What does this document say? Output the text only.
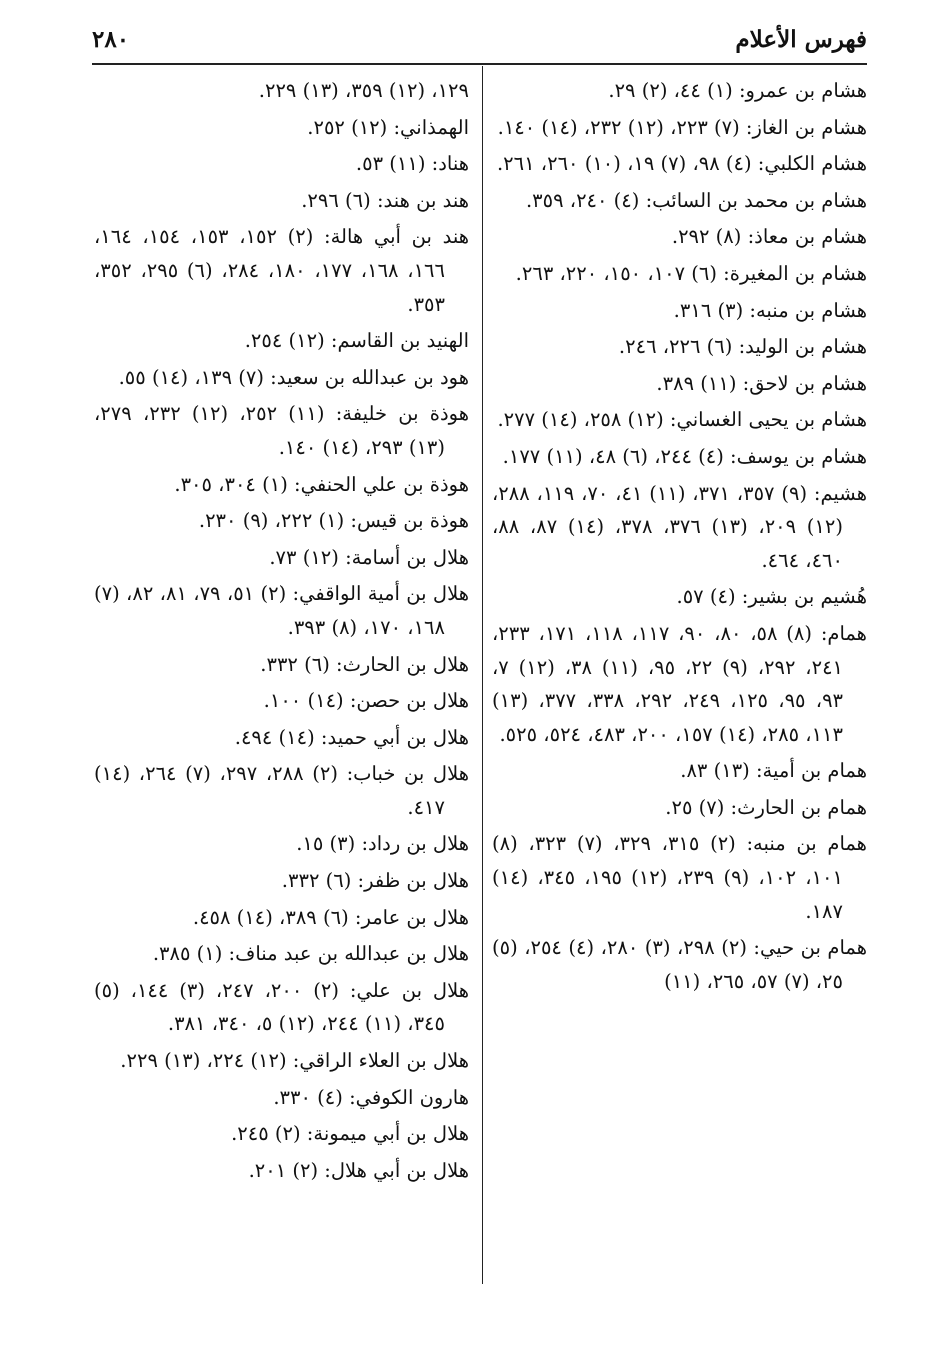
فهرس الأعلام
٢٨٠
هشام بن عمرو: (١) ٤٤، (٢) ٢٩.
هشام بن الغاز: (٧) ٢٢٣، (١٢) ٢٣٢، (١٤) ١٤٠.
هشام الكلبي: (٤) ٩٨، (٧) ١٩، (١٠) ٢٦٠، ٢٦١.
هشام بن محمد بن السائب: (٤) ٢٤٠، ٣٥٩.
هشام بن معاذ: (٨) ٢٩٢.
هشام بن المغيرة: (٦) ١٠٧، ١٥٠، ٢٢٠، ٢٦٣.
هشام بن منبه: (٣) ٣١٦.
هشام بن الوليد: (٦) ٢٢٦، ٢٤٦.
هشام بن لاحق: (١١) ٣٨٩.
هشام بن يحيى الغساني: (١٢) ٢٥٨، (١٤) ٢٧٧.
هشام بن يوسف: (٤) ٢٤٤، (٦) ٤٨، (١١) ١٧٧.
هشيم: (٩) ٣٥٧، ٣٧١، (١١) ٤١، ٧٠، ١١٩، ٢٨٨، (١٢) ٢٠٩، (١٣) ٣٧٦، ٣٧٨، (١٤) ٨٧، ٨٨، ٤٦٠، ٤٦٤.
هُشيم بن بشير: (٤) ٥٧.
همام: (٨) ٥٨، ٨٠، ٩٠، ١١٧، ١١٨، ١٧١، ٢٣٣، ٢٤١، ٢٩٢، (٩) ٢٢، ٩٥، (١١) ٣٨، (١٢) ٧، ٩٣، ٩٥، ١٢٥، ٢٤٩، ٢٩٢، ٣٣٨، ٣٧٧، (١٣) ١١٣، ٢٨٥، (١٤) ١٥٧، ٢٠٠، ٤٨٣، ٥٢٤، ٥٢٥.
همام بن أمية: (١٣) ٨٣.
همام بن الحارث: (٧) ٢٥.
همام بن منبه: (٢) ٣١٥، ٣٢٩، (٧) ٣٢٣، (٨) ١٠١، ١٠٢، (٩) ٢٣٩، (١٢) ١٩٥، ٣٤٥، (١٤) ١٨٧.
همام بن حيي: (٢) ٢٩٨، (٣) ٢٨٠، (٤) ٢٥٤، (٥) ٢٥، (٧) ٥٧، ٢٦٥، (١١)
١٢٩، (١٢) ٣٥٩، (١٣) ٢٢٩.
الهمذاني: (١٢) ٢٥٢.
هناد: (١١) ٥٣.
هند بن هند: (٦) ٢٩٦.
هند بن أبي هالة: (٢) ١٥٢، ١٥٣، ١٥٤، ١٦٤، ١٦٦، ١٦٨، ١٧٧، ١٨٠، ٢٨٤، (٦) ٢٩٥، ٣٥٢، ٣٥٣.
الهنيد بن القاسم: (١٢) ٢٥٤.
هود بن عبدالله بن سعيد: (٧) ١٣٩، (١٤) ٥٥.
هوذة بن خليفة: (١١) ٢٥٢، (١٢) ٢٣٢، ٢٧٩، (١٣) ٢٩٣، (١٤) ١٤٠.
هوذة بن علي الحنفي: (١) ٣٠٤، ٣٠٥.
هوذة بن قيس: (١) ٢٢٢، (٩) ٢٣٠.
هلال بن أسامة: (١٢) ٧٣.
هلال بن أمية الواقفي: (٢) ٥١، ٧٩، ٨١، ٨٢، (٧) ١٦٨، ١٧٠، (٨) ٣٩٣.
هلال بن الحارث: (٦) ٣٣٢.
هلال بن حصن: (١٤) ١٠٠.
هلال بن أبي حميد: (١٤) ٤٩٤.
هلال بن خباب: (٢) ٢٨٨، ٢٩٧، (٧) ٢٦٤، (١٤) ٤١٧.
هلال بن رداد: (٣) ١٥.
هلال بن ظفر: (٦) ٣٣٢.
هلال بن عامر: (٦) ٣٨٩، (١٤) ٤٥٨.
هلال بن عبدالله بن عبد مناف: (١) ٣٨٥.
هلال بن علي: (٢) ٢٠٠، ٢٤٧، (٣) ١٤٤، (٥) ٣٤٥، (١١) ٢٤٤، (١٢) ٥، ٣٤٠، ٣٨١.
هلال بن العلاء الراقي: (١٢) ٢٢٤، (١٣) ٢٢٩.
هارون الكوفي: (٤) ٣٣٠.
هلال بن أبي ميمونة: (٢) ٢٤٥.
هلال بن أبي هلال: (٢) ٢٠١.
